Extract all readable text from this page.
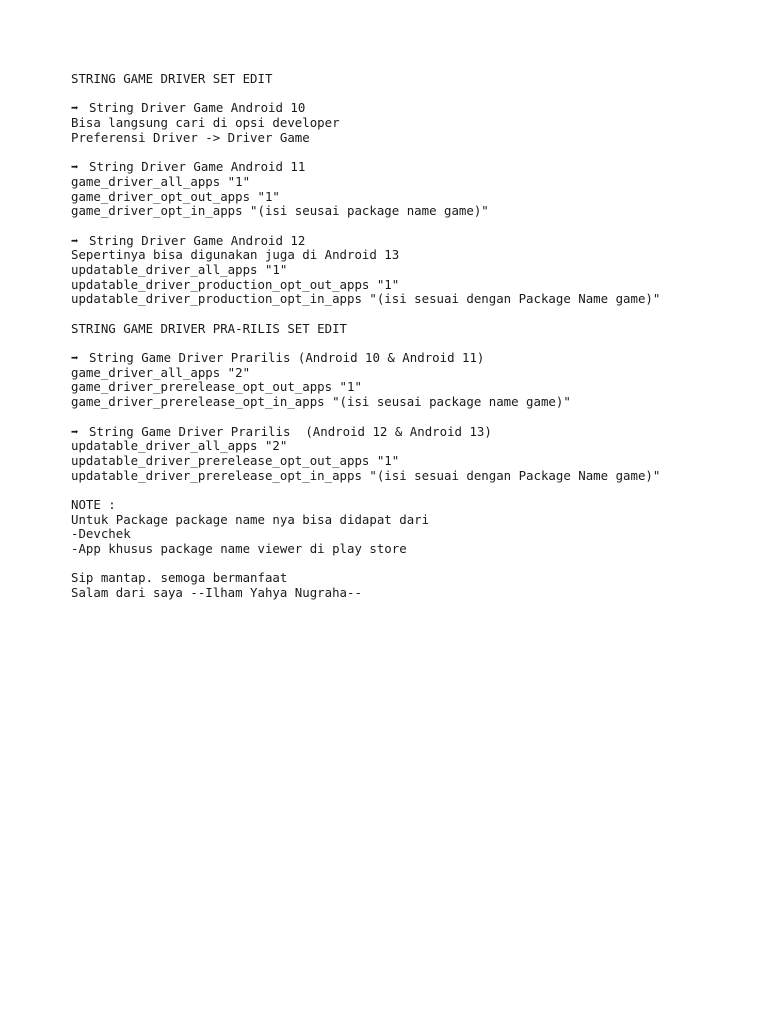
STRING GAME DRIVER SET EDIT
➡ String Driver Game Android 10
Bisa langsung cari di opsi developer
Preferensi Driver -> Driver Game
➡ String Driver Game Android 11
game_driver_all_apps "1"
game_driver_opt_out_apps "1"
game_driver_opt_in_apps "(isi seusai package name game)"
➡ String Driver Game Android 12
Sepertinya bisa digunakan juga di Android 13
updatable_driver_all_apps "1"
updatable_driver_production_opt_out_apps "1"
updatable_driver_production_opt_in_apps "(isi sesuai dengan Package Name game)"
STRING GAME DRIVER PRA-RILIS SET EDIT
➡ String Game Driver Prarilis (Android 10 & Android 11)
game_driver_all_apps "2"
game_driver_prerelease_opt_out_apps "1"
game_driver_prerelease_opt_in_apps "(isi seusai package name game)"
➡ String Game Driver Prarilis  (Android 12 & Android 13)
updatable_driver_all_apps "2"
updatable_driver_prerelease_opt_out_apps "1"
updatable_driver_prerelease_opt_in_apps "(isi sesuai dengan Package Name game)"
NOTE :
Untuk Package package name nya bisa didapat dari
-Devchek
-App khusus package name viewer di play store
Sip mantap. semoga bermanfaat
Salam dari saya --Ilham Yahya Nugraha--
